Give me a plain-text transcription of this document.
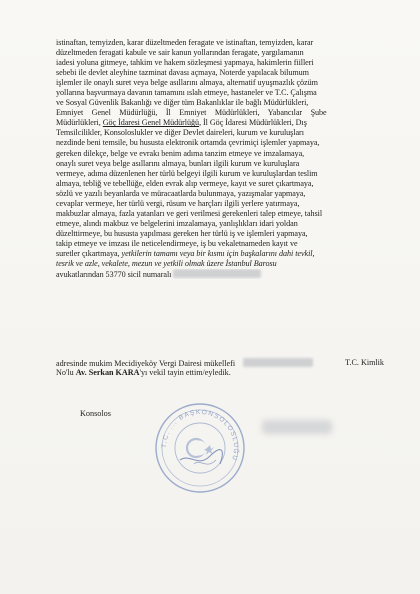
istinaftan, temyizden, karar düzeltmeden feragate ve istinaftan, temyizden, karar
düzeltmeden feragati kabule ve sair kanun yollarından feragate, yargılamanın
iadesi yoluna gitmeye, tahkim ve hakem sözleşmesi yapmaya, hakimlerin fiilleri
sebebi ile devlet aleyhine tazminat davası açmaya, Noterde yapılacak bilumum
işlemler ile onaylı suret veya belge asıllarını almaya, alternatif uyuşmazlık çözüm
yollarına başvurmaya davanın tamamını ıslah etmeye, hastaneler ve T.C. Çalışma
ve Sosyal Güvenlik Bakanlığı ve diğer tüm Bakanlıklar ile bağlı Müdürlükleri,
Emniyet Genel Müdürlüğü, İl Emniyet Müdürlükleri, Yabancılar Şube
Müdürlükleri, Göç İdaresi Genel Müdürlüğü, İl Göç İdaresi Müdürlükleri, Dış
Temsilcilikler, Konsoloslukler ve diğer Devlet daireleri, kurum ve kuruluşları
nezdinde beni temsile, bu hususta elektronik ortamda çevrimiçi işlemler yapmaya,
gereken dilekçe, belge ve evrakı benim adıma tanzim etmeye ve imzalamaya,
onaylı suret veya belge asıllarını almaya, bunları ilgili kurum ve kuruluşlara
vermeye, adıma düzenlenen her türlü belgeyi ilgili kurum ve kuruluşlardan teslim
almaya, tebliğ ve tebellüğe, elden evrak alıp vermeye, kayıt ve suret çıkartmaya,
sözlü ve yazılı beyanlarda ve müracaatlarda bulunmaya, yazışmalar yapmaya,
cevaplar vermeye, her türlü vergi, rüsum ve harçları ilgili yerlere yatırmaya,
makbuzlar almaya, fazla yatanları ve geri verilmesi gerekenleri talep etmeye, tahsil
etmeye, alındı makbuz ve belgelerini imzalamaya, yanlışlıkları idari yoldan
düzelttirmeye, bu hususta yapılması gereken her türlü iş ve işlemleri yapmaya,
takip etmeye ve imzası ile neticelendirmeye, iş bu vekaletnameden kayıt ve
suretler çıkartmaya, yetkilerin tamamı veya bir kısmı için başkalarını dahi tevkil,
tesrik ve azle, vekalete, mezun ve yetkili olmak üzere İstanbul Barosu
avukatlarından 53770 sicil numaralı
adresinde mukim Mecidiyeköy Vergi Dairesi mükellefi	T.C. Kimlik
No'lu Av. Serkan KARA'yı vekil tayin ettim/eyledik.
Konsolos
T.C. ... BAŞKONSOLOSLUĞU
